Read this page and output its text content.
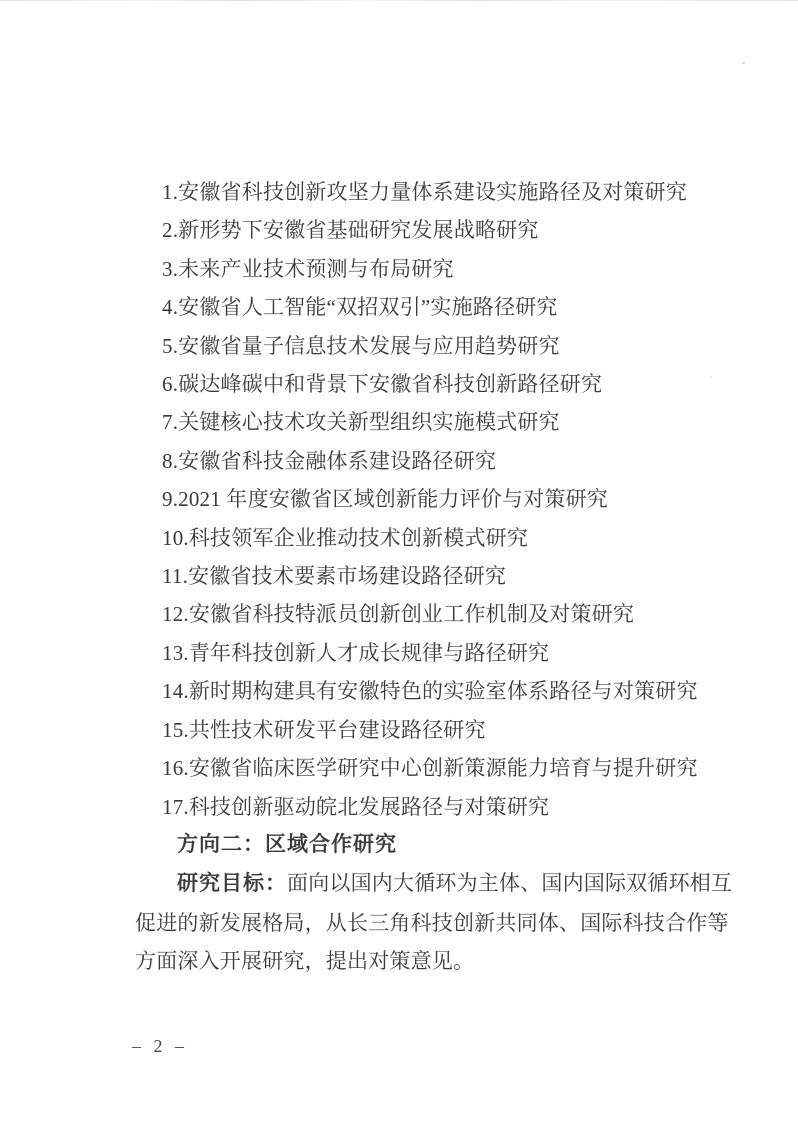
1.安徽省科技创新攻坚力量体系建设实施路径及对策研究
2.新形势下安徽省基础研究发展战略研究
3.未来产业技术预测与布局研究
4.安徽省人工智能“双招双引”实施路径研究
5.安徽省量子信息技术发展与应用趋势研究
6.碳达峰碳中和背景下安徽省科技创新路径研究
7.关键核心技术攻关新型组织实施模式研究
8.安徽省科技金融体系建设路径研究
9.2021 年度安徽省区域创新能力评价与对策研究
10.科技领军企业推动技术创新模式研究
11.安徽省技术要素市场建设路径研究
12.安徽省科技特派员创新创业工作机制及对策研究
13.青年科技创新人才成长规律与路径研究
14.新时期构建具有安徽特色的实验室体系路径与对策研究
15.共性技术研发平台建设路径研究
16.安徽省临床医学研究中心创新策源能力培育与提升研究
17.科技创新驱动皖北发展路径与对策研究
方向二：区域合作研究
研究目标：面向以国内大循环为主体、国内国际双循环相互
促进的新发展格局，从长三角科技创新共同体、国际科技合作等
方面深入开展研究，提出对策意见。
– 2 –
